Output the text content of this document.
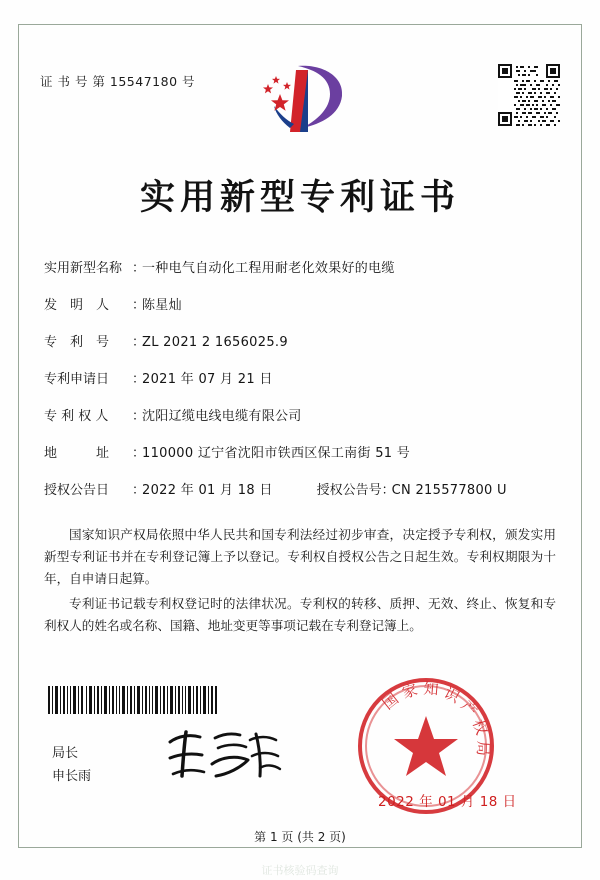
证 书 号 第 15547180 号
实用新型专利证书
实用新型名称 ：一种电气自动化工程用耐老化效果好的电缆
发　明　人 ：陈星灿
专　利　号 ：ZL 2021 2 1656025.9
专利申请日 ：2021 年 07 月 21 日
专 利 权 人 ：沈阳辽缆电线电缆有限公司
地　　　址 ：110000 辽宁省沈阳市铁西区保工南街 51 号
授权公告日 ：2022 年 01 月 18 日	授权公告号：CN 215577800 U
国家知识产权局依照中华人民共和国专利法经过初步审查，决定授予专利权，颁发实用新型专利证书并在专利登记簿上予以登记。专利权自授权公告之日起生效。专利权期限为十年，自申请日起算。
专利证书记载专利权登记时的法律状况。专利权的转移、质押、无效、终止、恢复和专利权人的姓名或名称、国籍、地址变更等事项记载在专利登记簿上。
局长
申长雨
国 家 知 识 产 权 局
2022 年 01 月 18 日
第 1 页 (共 2 页)
证书核验码查询
